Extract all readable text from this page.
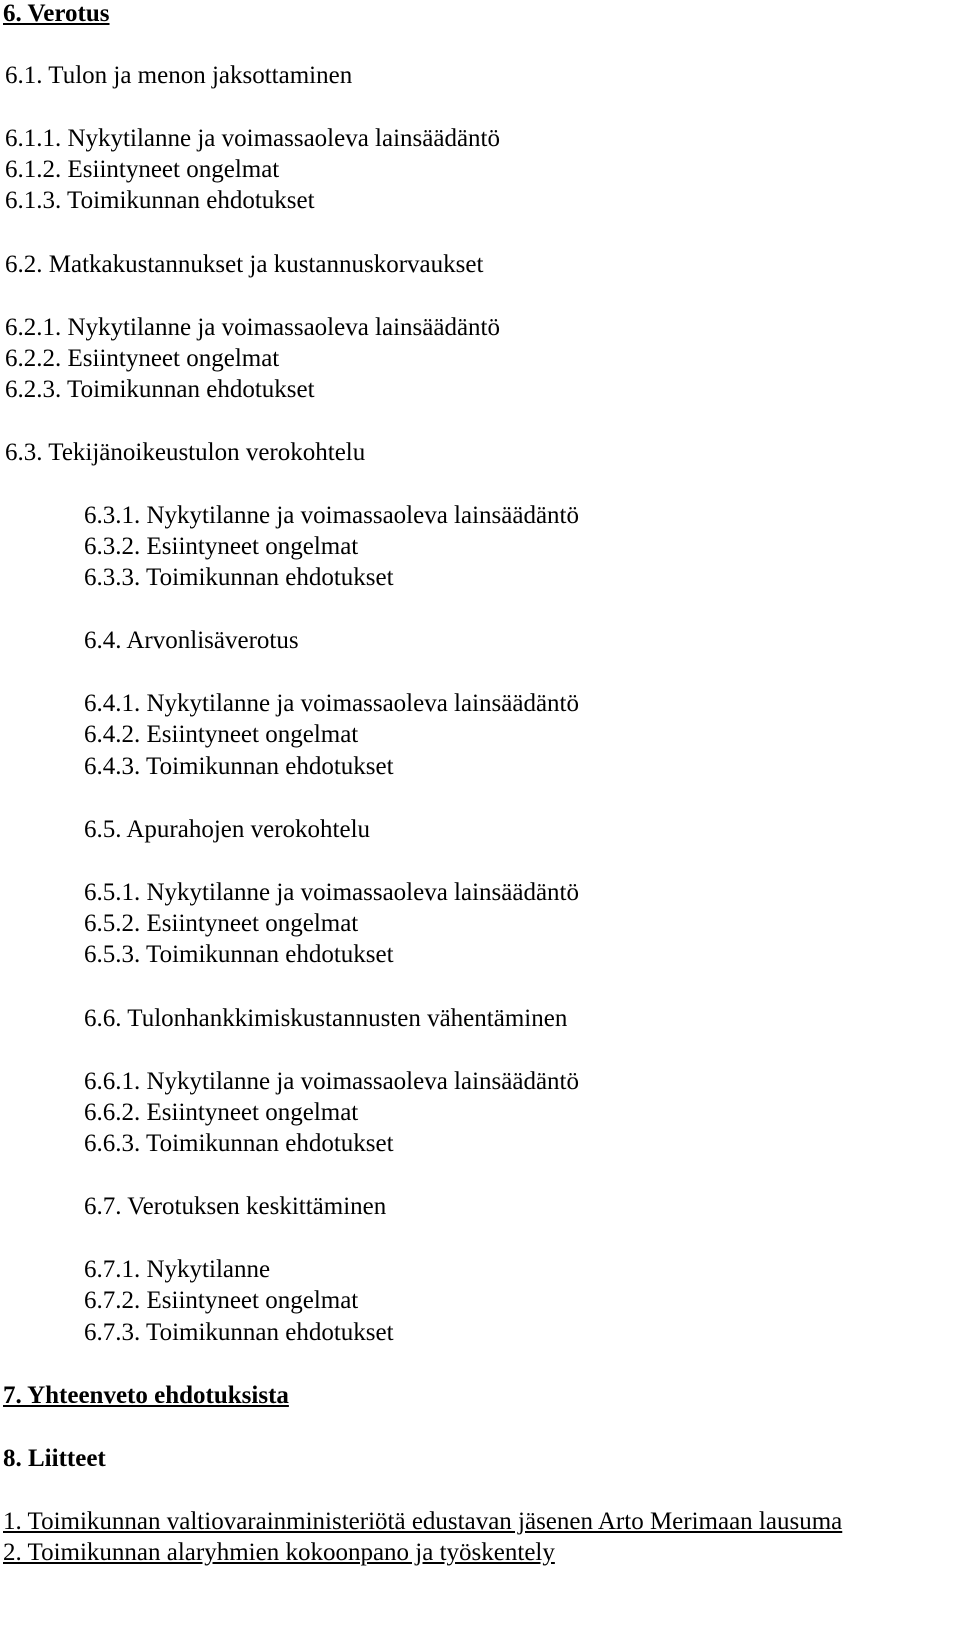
6. Verotus
6.1. Tulon ja menon jaksottaminen
6.1.1. Nykytilanne ja voimassaoleva lainsäädäntö
6.1.2. Esiintyneet ongelmat
6.1.3. Toimikunnan ehdotukset
6.2. Matkakustannukset ja kustannuskorvaukset
6.2.1. Nykytilanne ja voimassaoleva lainsäädäntö
6.2.2. Esiintyneet ongelmat
6.2.3. Toimikunnan ehdotukset
6.3. Tekijänoikeustulon verokohtelu
6.3.1. Nykytilanne ja voimassaoleva lainsäädäntö
6.3.2. Esiintyneet ongelmat
6.3.3. Toimikunnan ehdotukset
6.4. Arvonlisäverotus
6.4.1. Nykytilanne ja voimassaoleva lainsäädäntö
6.4.2. Esiintyneet ongelmat
6.4.3. Toimikunnan ehdotukset
6.5. Apurahojen verokohtelu
6.5.1. Nykytilanne ja voimassaoleva lainsäädäntö
6.5.2. Esiintyneet ongelmat
6.5.3. Toimikunnan ehdotukset
6.6. Tulonhankkimiskustannusten vähentäminen
6.6.1. Nykytilanne ja voimassaoleva lainsäädäntö
6.6.2. Esiintyneet ongelmat
6.6.3. Toimikunnan ehdotukset
6.7. Verotuksen keskittäminen
6.7.1. Nykytilanne
6.7.2. Esiintyneet ongelmat
6.7.3. Toimikunnan ehdotukset
7. Yhteenveto ehdotuksista
8. Liitteet
1. Toimikunnan valtiovarainministeriötä edustavan jäsenen Arto Merimaan lausuma
2. Toimikunnan alaryhmien kokoonpano ja työskentely
